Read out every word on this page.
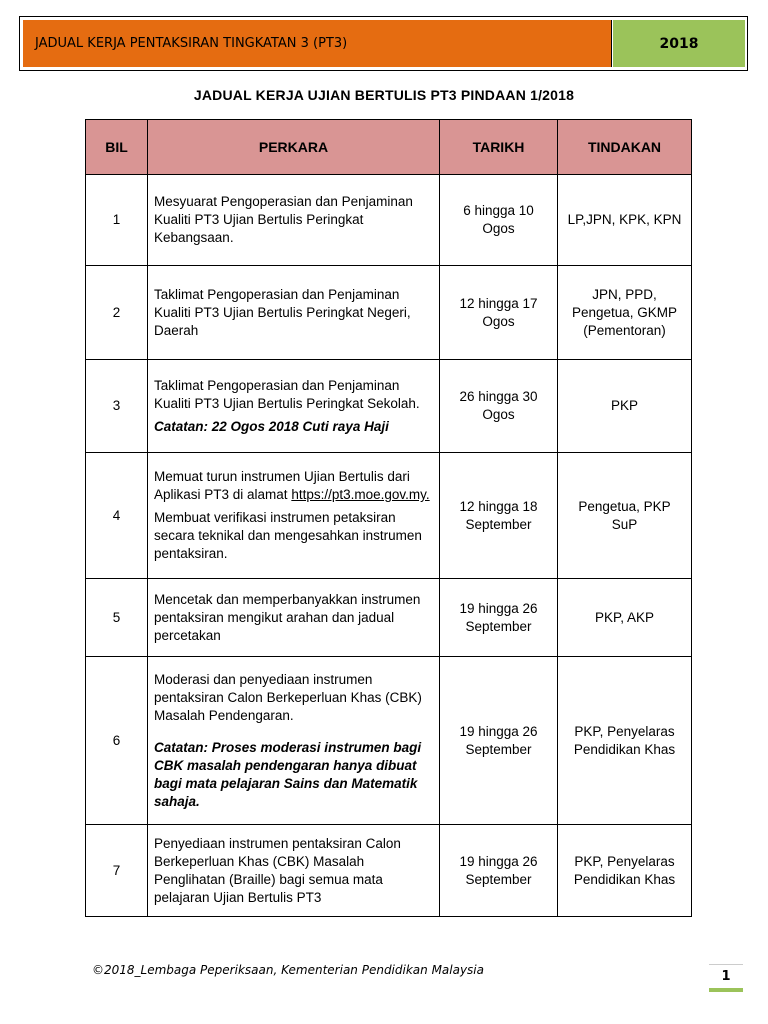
JADUAL KERJA PENTAKSIRAN TINGKATAN 3 (PT3)	2018
JADUAL KERJA UJIAN BERTULIS PT3 PINDAAN 1/2018
BIL	PERKARA	TARIKH	TINDAKAN
1	Mesyuarat Pengoperasian dan Penjaminan Kualiti PT3 Ujian Bertulis Peringkat Kebangsaan.	6 hingga 10 Ogos	LP,JPN, KPK, KPN
2	Taklimat Pengoperasian dan Penjaminan Kualiti PT3 Ujian Bertulis Peringkat Negeri, Daerah	12 hingga 17 Ogos	JPN, PPD, Pengetua, GKMP (Pementoran)
3	Taklimat Pengoperasian dan Penjaminan Kualiti PT3 Ujian Bertulis Peringkat Sekolah.

Catatan: 22 Ogos 2018 Cuti raya Haji	26 hingga 30 Ogos	PKP
4	Memuat turun instrumen Ujian Bertulis dari Aplikasi PT3 di alamat https://pt3.moe.gov.my.

Membuat verifikasi instrumen petaksiran secara teknikal dan mengesahkan instrumen pentaksiran.	12 hingga 18 September	Pengetua, PKP SuP
5	Mencetak dan memperbanyakkan instrumen pentaksiran mengikut arahan dan jadual percetakan	19 hingga 26 September	PKP, AKP
6	Moderasi dan penyediaan instrumen pentaksiran Calon Berkeperluan Khas (CBK) Masalah Pendengaran.

Catatan: Proses moderasi instrumen bagi CBK masalah pendengaran hanya dibuat bagi mata pelajaran Sains dan Matematik sahaja.	19 hingga 26 September	PKP, Penyelaras Pendidikan Khas
7	Penyediaan instrumen pentaksiran Calon Berkeperluan Khas (CBK) Masalah Penglihatan (Braille) bagi semua mata pelajaran Ujian Bertulis PT3	19 hingga 26 September	PKP, Penyelaras Pendidikan Khas
©2018_Lembaga Peperiksaan, Kementerian Pendidikan Malaysia	1
